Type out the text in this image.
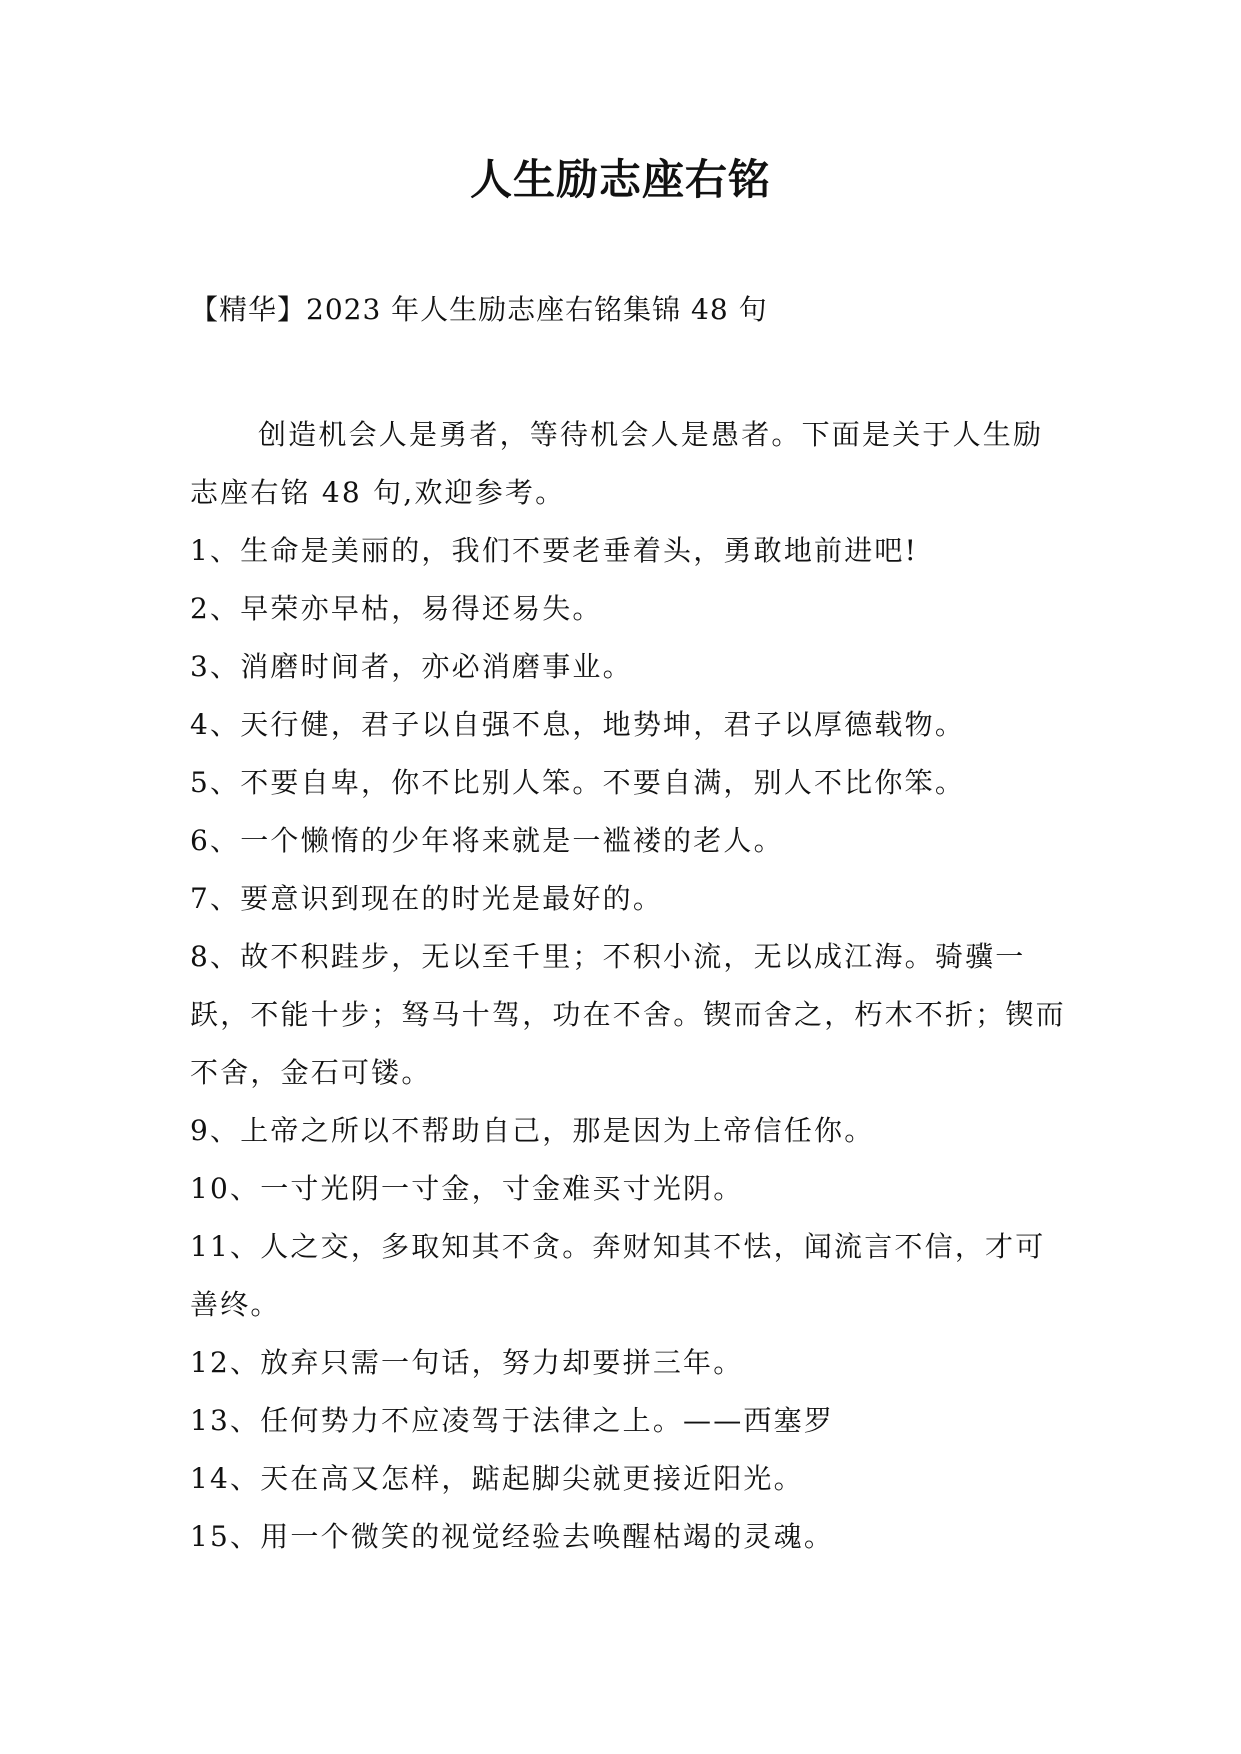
人生励志座右铭
【精华】2023 年人生励志座右铭集锦 48 句

创造机会人是勇者，等待机会人是愚者。下面是关于人生励志座右铭 48 句,欢迎参考。

1、生命是美丽的，我们不要老垂着头，勇敢地前进吧!

2、早荣亦早枯，易得还易失。

3、消磨时间者，亦必消磨事业。

4、天行健，君子以自强不息，地势坤，君子以厚德载物。

5、不要自卑，你不比别人笨。不要自满，别人不比你笨。

6、一个懒惰的少年将来就是一褴褛的老人。

7、要意识到现在的时光是最好的。

8、故不积跬步，无以至千里；不积小流，无以成江海。骑骥一跃，不能十步；驽马十驾，功在不舍。锲而舍之，朽木不折；锲而不舍，金石可镂。

9、上帝之所以不帮助自己，那是因为上帝信任你。

10、一寸光阴一寸金，寸金难买寸光阴。

11、人之交，多取知其不贪。奔财知其不怯，闻流言不信，才可善终。

12、放弃只需一句话，努力却要拼三年。

13、任何势力不应凌驾于法律之上。——西塞罗

14、天在高又怎样，踮起脚尖就更接近阳光。

15、用一个微笑的视觉经验去唤醒枯竭的灵魂。
